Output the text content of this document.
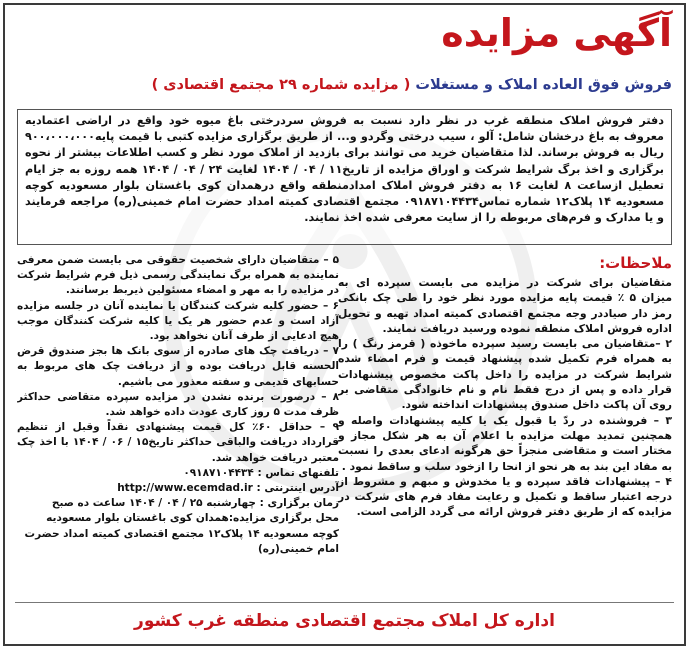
آگهی مزایده

فروش فوق العاده املاک و مستغلات ( مزایده شماره ۲۹ مجتمع اقتصادی )

دفتر فروش املاک منطقه غرب در نظر دارد نسبت به فروش سردرختی باغ میوه خود واقع در اراضی اعتمادیه معروف به باغ درخشان شامل: آلو ، سیب درختی وگردو و... از طریق برگزاری مزایده کتبی با قیمت پایه۹۰۰،۰۰۰،۰۰۰ ریال به فروش برساند. لذا متقاضیان خرید می توانند برای بازدید از املاک مورد نظر و کسب اطلاعات بیشتر از نحوه برگزاری و اخذ برگ شرایط شرکت و اوراق مزایده از تاریخ۱۱ / ۰۴ / ۱۴۰۴ لغایت ۲۴ / ۰۴ / ۱۴۰۴ همه روزه به جز ایام تعطیل ازساعت ۸ لغایت ۱۶ به دفتر فروش املاک امدادمنطقه واقع درهمدان کوی باغستان بلوار مسعودیه کوچه مسعودیه ۱۴ پلاک۱۲ شماره تماس۰۹۱۸۷۱۰۴۴۳۴ مجتمع اقتصادی کمیته امداد حضرت امام خمینی(ره) مراجعه فرمایند و یا مدارک و فرم‌های مربوطه را از سایت معرفی شده اخذ نمایند.

ملاحظات:

متقاضیان برای شرکت در مزایده می بایست سپرده ای به میزان ۵ ٪ قیمت پایه مزایده مورد نظر خود را طی چک بانکی رمز دار صیاددر وجه مجتمع اقتصادی کمیته امداد تهیه و تحویل اداره فروش املاک منطقه نموده ورسید دریافت نمایند.

۲ –متقاضیان می بایست رسید سپرده ماخوذه ( قرمز رنگ ) را به همراه فرم تکمیل شده پیشنهاد قیمت و فرم امضاء شده شرایط شرکت در مزایده را داخل پاکت مخصوص پیشنهادات قرار داده و پس از درج فقط نام و نام خانوادگی متقاضی بر روی آن پاکت داخل صندوق پیشنهادات انداخته شود.

۳ – فروشنده در ردّ یا قبول یک یا کلیه پیشنهادات واصله و همچنین تمدید مهلت مزایده با اعلام آن به هر شکل مجاز و مختار است و متقاضی منجزاً حق هرگونه ادعای بعدی را نسبت به مفاد این بند به هر نحو از انحا را ازخود سلب و ساقط نمود .

۴ – پیشنهادات فاقد سپرده و یا مخدوش و مبهم و مشروط از درجه اعتبار ساقط و تکمیل و رعایت مفاد فرم های شرکت در مزایده که از طریق دفتر فروش ارائه می گردد الزامی است.

۵ – متقاضیان دارای شخصیت حقوقی می بایست ضمن معرفی نماینده به همراه برگ نمایندگی رسمی ذیل فرم شرایط شرکت در مزایده را به مهر و امضاء مسئولین ذیربط برسانند.

۶ – حضور کلیه شرکت کنندگان یا نماینده آنان در جلسه مزایده آزاد است و عدم حضور هر یک یا کلیه شرکت کنندگان موجب هیچ ادعایی از طرف آنان نخواهد بود.

۷ – دریافت چک های صادره از سوی بانک ها بجز صندوق قرض الحسنه قابل دریافت بوده و از دریافت چک های مربوط به حسابهای قدیمی و سفته معذور می باشیم.

۸ – درصورت برنده نشدن در مزایده سپرده متقاضی حداکثر ظرف مدت ۵ روز کاری عودت داده خواهد شد.

۹ – حداقل ۶۰٪ کل قیمت پیشنهادی نقداً وقبل از تنظیم قرارداد دریافت والباقی حداکثر تاریخ۱۵ / ۰۶ / ۱۴۰۴ با اخذ چک معتبر دریافت خواهد شد.

تلفنهای تماس : ۰۹۱۸۷۱۰۴۴۳۴

آدرس اینترنتی : http://www.ecemdad.ir

زمان برگزاری : چهارشنبه ۲۵ / ۰۴ / ۱۴۰۴ ساعت ده صبح

محل برگزاری مزایده:همدان کوی باغستان بلوار مسعودیه کوچه مسعودیه ۱۴ پلاک۱۲ مجتمع اقتصادی کمیته امداد حضرت امام خمینی(ره)

اداره کل املاک مجتمع اقتصادی منطقه غرب کشور
